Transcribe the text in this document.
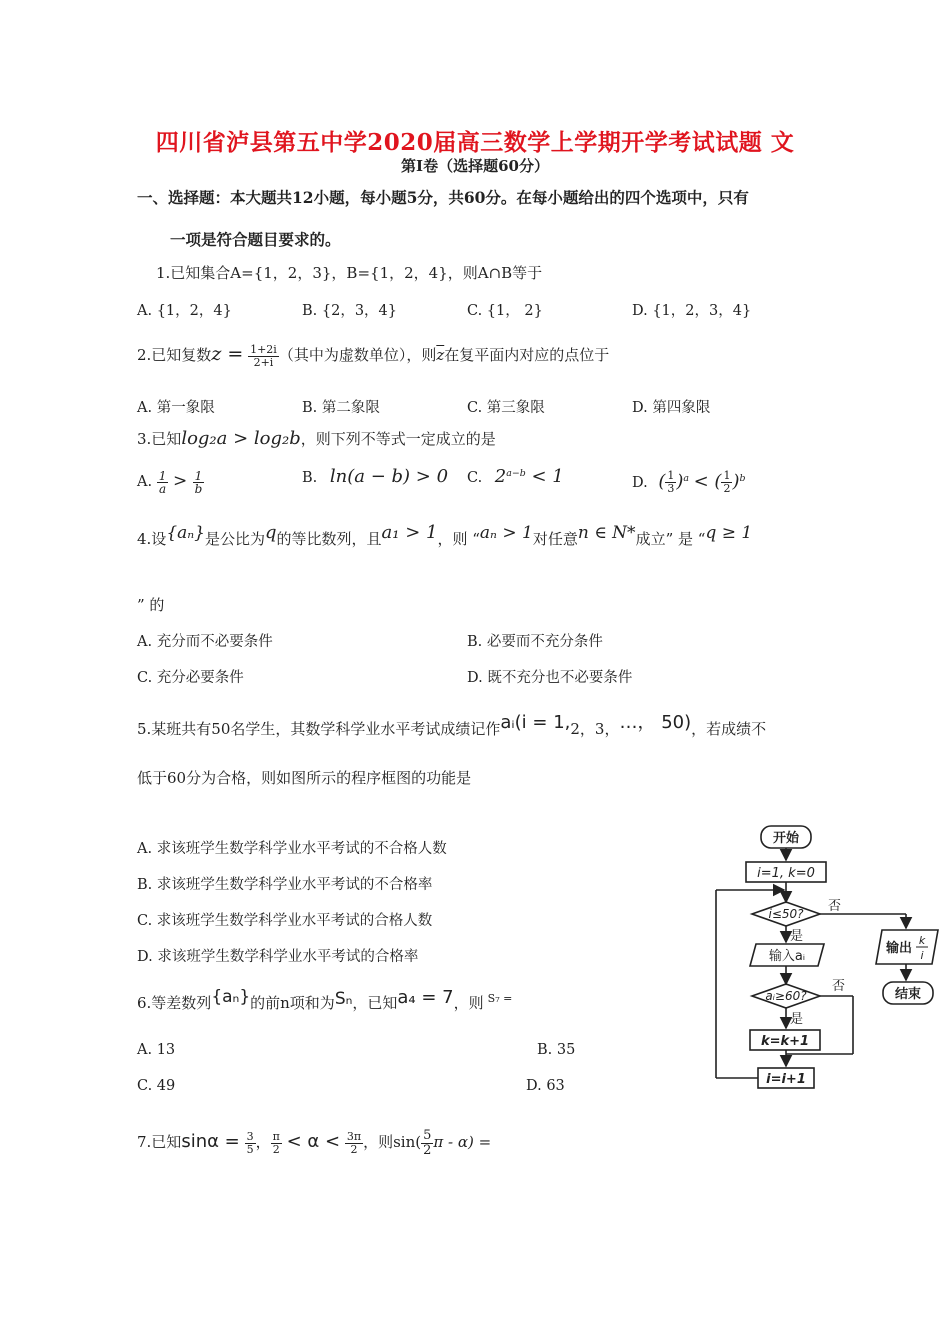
四川省泸县第五中学2020届高三数学上学期开学考试试题 文
第Ⅰ卷（选择题60分）
一、选择题：本大题共12小题，每小题5分，共60分。在每小题给出的四个选项中，只有
一项是符合题目要求的。
1.已知集合A={1，2，3}，B={1，2，4}，则A∩B等于
A. {1，2，4}	B. {2，3，4}	C. {1， 2}	D. {1，2，3，4}
2.已知复数$z = \frac{1+2i}{2+i}$ （其中为虚数单位），则$\overline{z}$在复平面内对应的点位于
A. 第一象限	B. 第二象限	C. 第三象限	D. 第四象限
3.已知log₂a > log₂b，则下列不等式一定成立的是
A. $\frac{1}{a} > \frac{1}{b}$	B. ln(a − b) > 0 C. $2^{a-b} < 1$	D. ( $\frac{1}{3} )^a$ < ( $\frac{1}{2} )^b$
4.设{aₙ}是公比为q的等比数列，且a₁ > 1，则 “aₙ > 1对任意n ∈ N*成立” 是 “q ≥ 1
” 的
A. 充分而不必要条件	B. 必要而不充分条件
C. 充分必要条件	D. 既不充分也不必要条件
5.某班共有50名学生，其数学科学业水平考试成绩记作aᵢ(i = 1,2，3，…， 50)，若成绩不
低于60分为合格，则如图所示的程序框图的功能是
A. 求该班学生数学科学业水平考试的不合格人数
B. 求该班学生数学科学业水平考试的不合格率
C. 求该班学生数学科学业水平考试的合格人数
D. 求该班学生数学科学业水平考试的合格率
开始
i=1, k=0
i≤50? 否
是
输入aᵢ
aᵢ≥60?
否
是
k=k+1
i=i+1
输出
k
i
结束
6.等差数列{aₙ}的前n项和为Sₙ，已知a₄ = 7，则 $^{S_7 =}$
A. 13	B. 35
C. 49	D. 63
7.已知$\sin\alpha = \frac{3}{5}$ ， $\frac{\pi}{2} < \alpha < \frac{3\pi}{2}$ ，则$\sin( \frac{5}{2}$ π - α) =
